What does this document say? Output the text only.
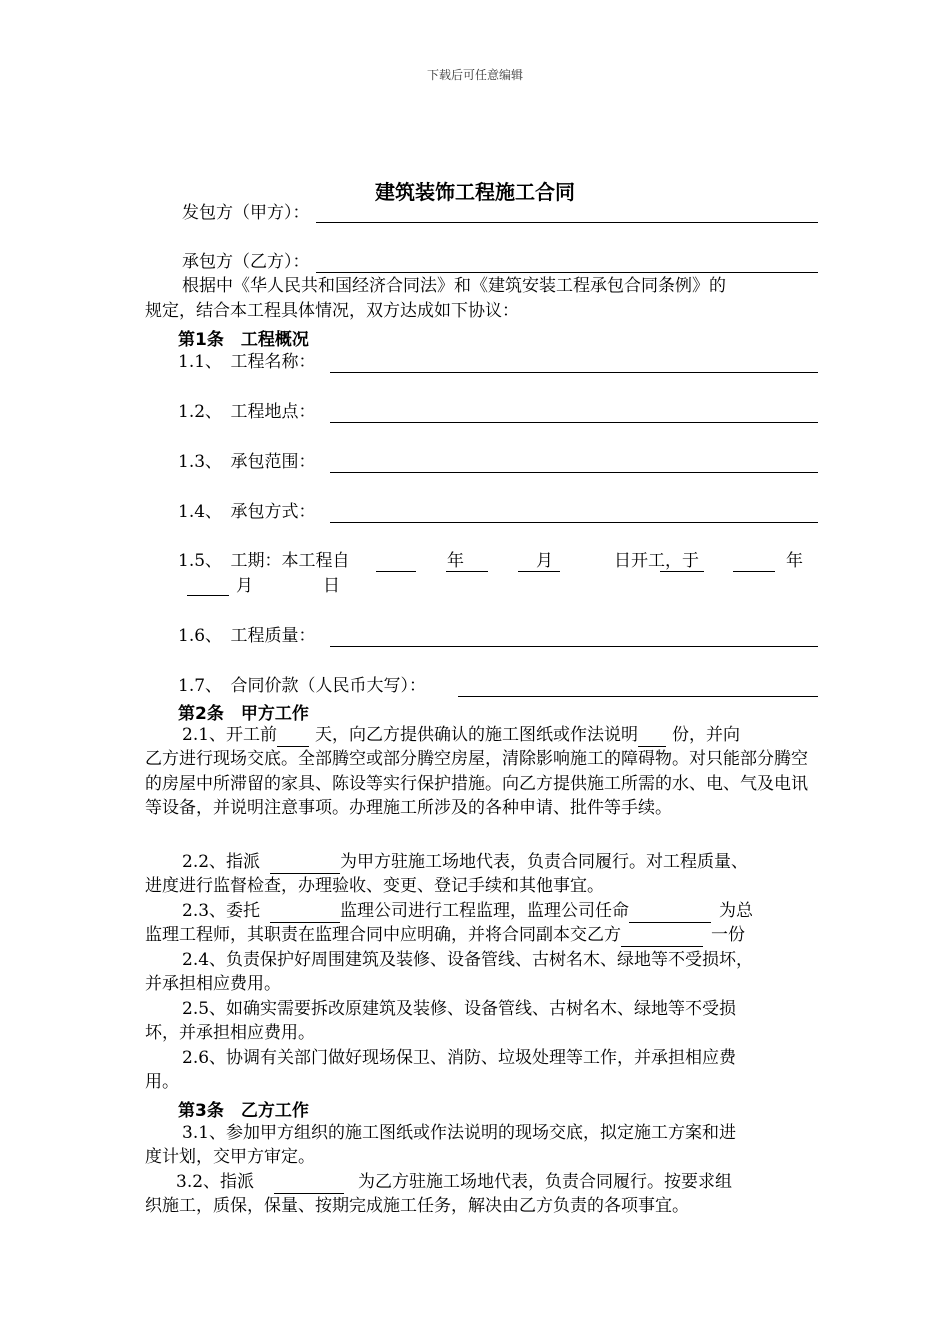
下载后可任意编辑
建筑装饰工程施工合同
发包方（甲方）：
承包方（乙方）：
根据中《华人民共和国经济合同法》和《建筑安装工程承包合同条例》的
规定，结合本工程具体情况，双方达成如下协议：
第1条　工程概况
1.1、　工程名称：
1.2、　工程地点：
1.3、　承包范围：
1.4、　承包方式：
1.5、　工期：本工程自	年	月	日开工，于	年
月	日
1.6、　工程质量：
1.7、　合同价款（人民币大写）：
第2条　甲方工作
2.1、开工前 天，向乙方提供确认的施工图纸或作法说明 份，并向
乙方进行现场交底。全部腾空或部分腾空房屋，清除影响施工的障碍物。对只能部分腾空的房屋中所滞留的家具、陈设等实行保护措施。向乙方提供施工所需的水、电、气及电讯等设备，并说明注意事项。办理施工所涉及的各种申请、批件等手续。
2.2、指派	为甲方驻施工场地代表，负责合同履行。对工程质量、
进度进行监督检查，办理验收、变更、登记手续和其他事宜。
2.3、委托	监理公司进行工程监理，监理公司任命	为总
监理工程师，其职责在监理合同中应明确，并将合同副本交乙方	一份
2.4、负责保护好周围建筑及装修、设备管线、古树名木、绿地等不受损坏，
并承担相应费用。
2.5、如确实需要拆改原建筑及装修、设备管线、古树名木、绿地等不受损
坏，并承担相应费用。
2.6、协调有关部门做好现场保卫、消防、垃圾处理等工作，并承担相应费
用。
第3条　乙方工作
3.1、参加甲方组织的施工图纸或作法说明的现场交底，拟定施工方案和进
度计划，交甲方审定。
3.2、指派	为乙方驻施工场地代表，负责合同履行。按要求组
织施工，质保，保量、按期完成施工任务，解决由乙方负责的各项事宜。
